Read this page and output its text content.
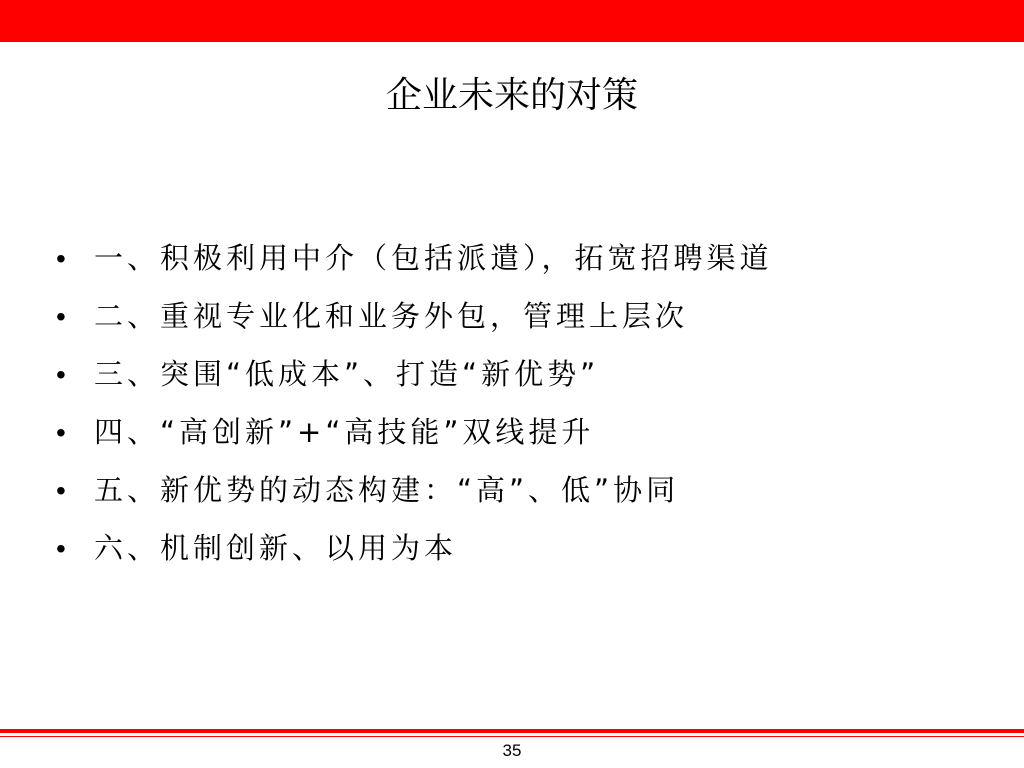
企业未来的对策
• 一、积极利用中介（包括派遣），拓宽招聘渠道
• 二、重视专业化和业务外包，管理上层次
• 三、突围“低成本”、打造“新优势”
• 四、“高创新”+“高技能”双线提升
• 五、新优势的动态构建：“高”、低”协同
• 六、机制创新、以用为本
35
